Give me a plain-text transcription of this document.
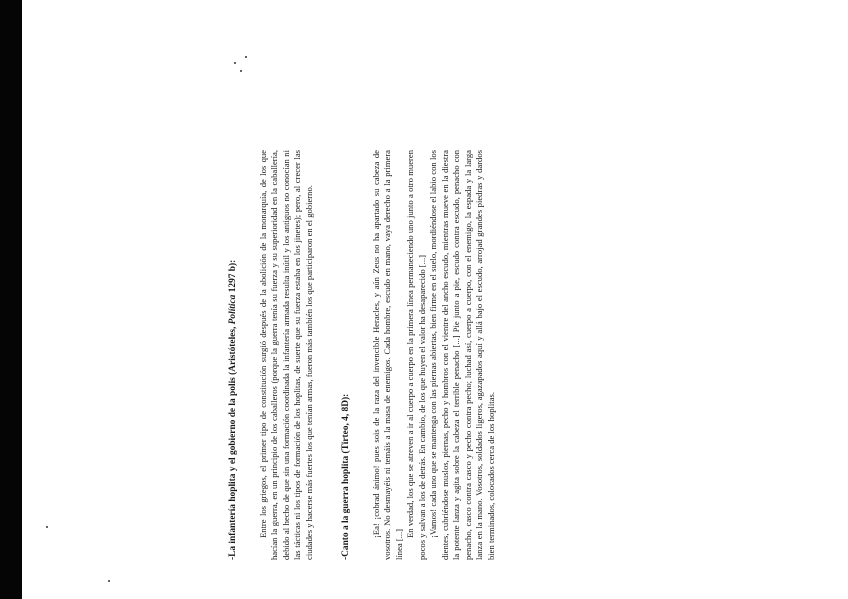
-La infantería hoplita y el gobierno de la polis (Aristóteles, Política 1297 b): Entre los griegos, el primer tipo de constitución surgió después de la abolición de la monarquía, de los que hacían la guerra, en un principio de los caballeros (porque la guerra tenía su fuerza y su superioridad en la caballería, debido al hecho de que sin una formación coordinada la infantería armada resulta inútil y los antiguos no conocían ni las tácticas ni los tipos de formación de los hoplitas, de suerte que su fuerza estaba en los jinetes); pero, al crecer las ciudades y hacerse más fuertes los que tenían armas, fueron más también los que participaron en el gobierno.	-Canto a la guerra hoplita (Tirteo, 4, 8D): ¡Ea! ¡cobrad ánimo! pues sois de la raza del invencible Heracles, y aún Zeus no ha apartado su cabeza de vosotros. No desmayéis ni temáis a la masa de enemigos. Cada hombre, escudo en mano, vaya derecho a la primera línea [...]

En verdad, los que se atreven a ir al cuerpo a cuerpo en la primera línea permaneciendo uno junto a otro mueren pocos y salvan a los de detrás. En cambio, de los que huyen el valor ha desaparecido [...] ¡Vamos! cada uno que se mantenga con las piernas abiertas, bien firme en el suelo, mordiéndose el labio con los dientes, cubriéndose muslos, piernas, pecho y hombros con el vientre del ancho escudo, mientras mueve en la diestra la potente lanza y agita sobre la cabeza el terrible penacho [...] Pie junto a pie, escudo contra escudo, penacho con penacho, casco contra casco y pecho contra pecho; luchad así, cuerpo a cuerpo, con el enemigo, la espada y la larga lanza en la mano. Vosotros, soldados ligeros, agazapados aquí y allá bajo el escudo, arrojad grandes piedras y dardos bien terminados, colocados cerca de los hoplitas.
